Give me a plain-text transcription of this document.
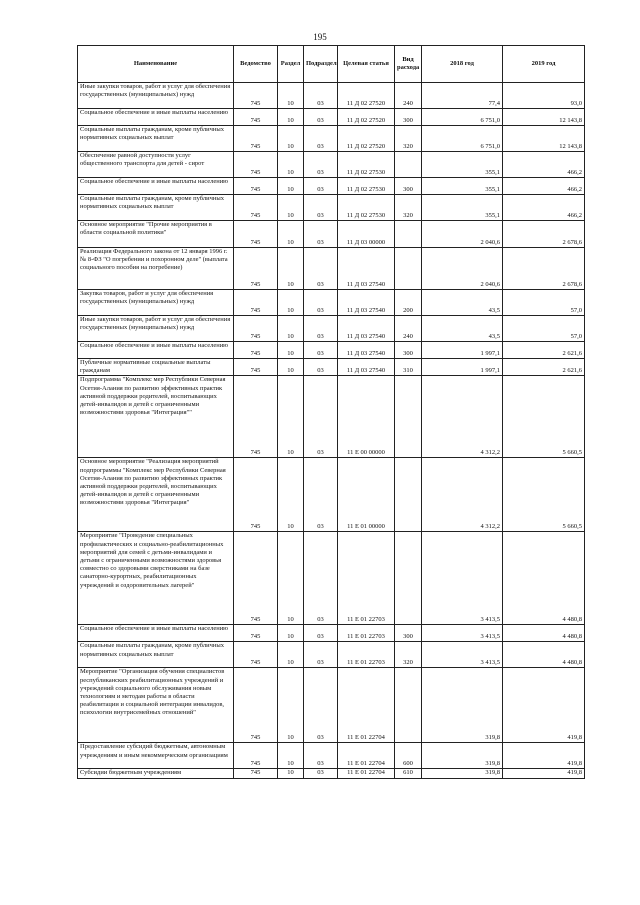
195
Наименование	Ведомство	Раздел	Подраздел	Целевая статья	Вид расхода	2018 год	2019 год
Иные закупки товаров, работ и услуг для обеспечения государственных (муниципальных) нужд	745	10	03	11 Д 02 27520	240	77,4	93,0
Социальное обеспечение и иные выплаты населению	745	10	03	11 Д 02 27520	300	6 751,0	12 143,8
Социальные выплаты гражданам, кроме публичных нормативных социальных выплат	745	10	03	11 Д 02 27520	320	6 751,0	12 143,8
Обеспечение равной доступности услуг общественного транспорта для детей - сирот	745	10	03	11 Д 02 27530		355,1	466,2
Социальное обеспечение и иные выплаты населению	745	10	03	11 Д 02 27530	300	355,1	466,2
Социальные выплаты гражданам, кроме публичных нормативных социальных выплат	745	10	03	11 Д 02 27530	320	355,1	466,2
Основное мероприятие "Прочие мероприятия в области социальной политики"	745	10	03	11 Д 03 00000		2 040,6	2 678,6
Реализация Федерального закона от 12 января 1996 г. № 8-ФЗ "О погребении и похоронном деле" (выплата социального пособия на погребение)	745	10	03	11 Д 03 27540		2 040,6	2 678,6
Закупка товаров, работ и услуг для обеспечения государственных (муниципальных) нужд	745	10	03	11 Д 03 27540	200	43,5	57,0
Иные закупки товаров, работ и услуг для обеспечения государственных (муниципальных) нужд	745	10	03	11 Д 03 27540	240	43,5	57,0
Социальное обеспечение и иные выплаты населению	745	10	03	11 Д 03 27540	300	1 997,1	2 621,6
Публичные нормативные социальные выплаты гражданам	745	10	03	11 Д 03 27540	310	1 997,1	2 621,6
Подпрограмма "Комплекс мер Республики Северная Осетия-Алания по развитию эффективных практик активной поддержки родителей, воспитывающих детей-инвалидов и детей с ограниченными возможностями здоровья "Интеграция""	745	10	03	11 Е 00 00000		4 312,2	5 660,5
Основное мероприятие "Реализация мероприятий подпрограммы "Комплекс мер Республики Северная Осетия-Алания по развитию эффективных практик активной поддержки родителей, воспитывающих детей-инвалидов и детей с ограниченными возможностями здоровья "Интеграция"	745	10	03	11 Е 01 00000		4 312,2	5 660,5
Мероприятие "Проведение специальных профилактических и социально-реабилитационных мероприятий для семей с детьми-инвалидами и детьми с ограниченными возможностями здоровья совместно со здоровыми сверстниками на базе санаторно-курортных, реабилитационных учреждений и оздоровительных лагерей"	745	10	03	11 Е 01 22703		3 413,5	4 480,8
Социальное обеспечение и иные выплаты населению	745	10	03	11 Е 01 22703	300	3 413,5	4 480,8
Социальные выплаты гражданам, кроме публичных нормативных социальных выплат	745	10	03	11 Е 01 22703	320	3 413,5	4 480,8
Мероприятие "Организация обучения специалистов республиканских реабилитационных учреждений и учреждений социального обслуживания новым технологиям и методам работы в области реабилитации и социальной интеграции инвалидов, психологии внутрисемейных отношений"	745	10	03	11 Е 01 22704		319,8	419,8
Предоставление субсидий бюджетным, автономным учреждениям и иным некоммерческим организациям	745	10	03	11 Е 01 22704	600	319,8	419,8
Субсидии бюджетным учреждениям	745	10	03	11 Е 01 22704	610	319,8	419,8
